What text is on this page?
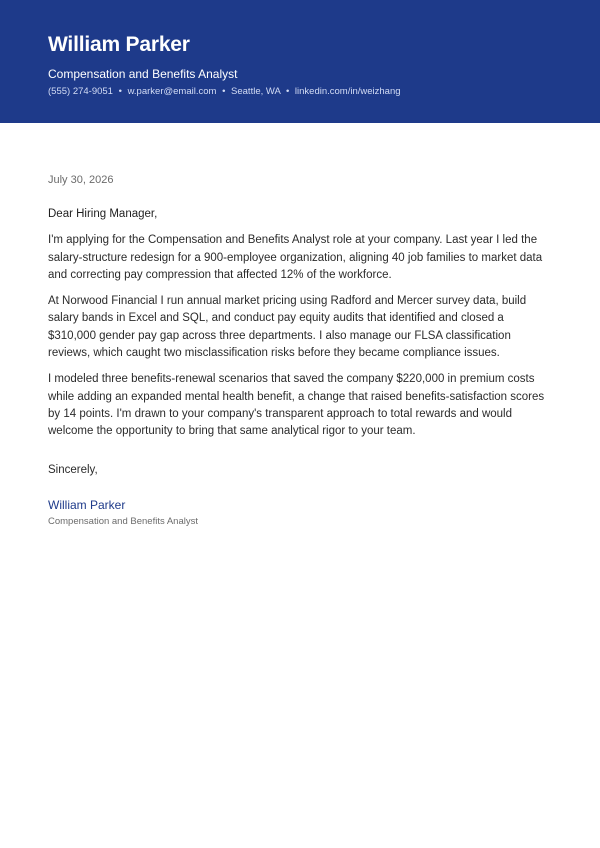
William Parker
Compensation and Benefits Analyst
(555) 274-9051 • w.parker@email.com • Seattle, WA • linkedin.com/in/weizhang
July 30, 2026
Dear Hiring Manager,
I'm applying for the Compensation and Benefits Analyst role at your company. Last year I led the salary-structure redesign for a 900-employee organization, aligning 40 job families to market data and correcting pay compression that affected 12% of the workforce.
At Norwood Financial I run annual market pricing using Radford and Mercer survey data, build salary bands in Excel and SQL, and conduct pay equity audits that identified and closed a $310,000 gender pay gap across three departments. I also manage our FLSA classification reviews, which caught two misclassification risks before they became compliance issues.
I modeled three benefits-renewal scenarios that saved the company $220,000 in premium costs while adding an expanded mental health benefit, a change that raised benefits-satisfaction scores by 14 points. I'm drawn to your company's transparent approach to total rewards and would welcome the opportunity to bring that same analytical rigor to your team.
Sincerely,
William Parker
Compensation and Benefits Analyst
